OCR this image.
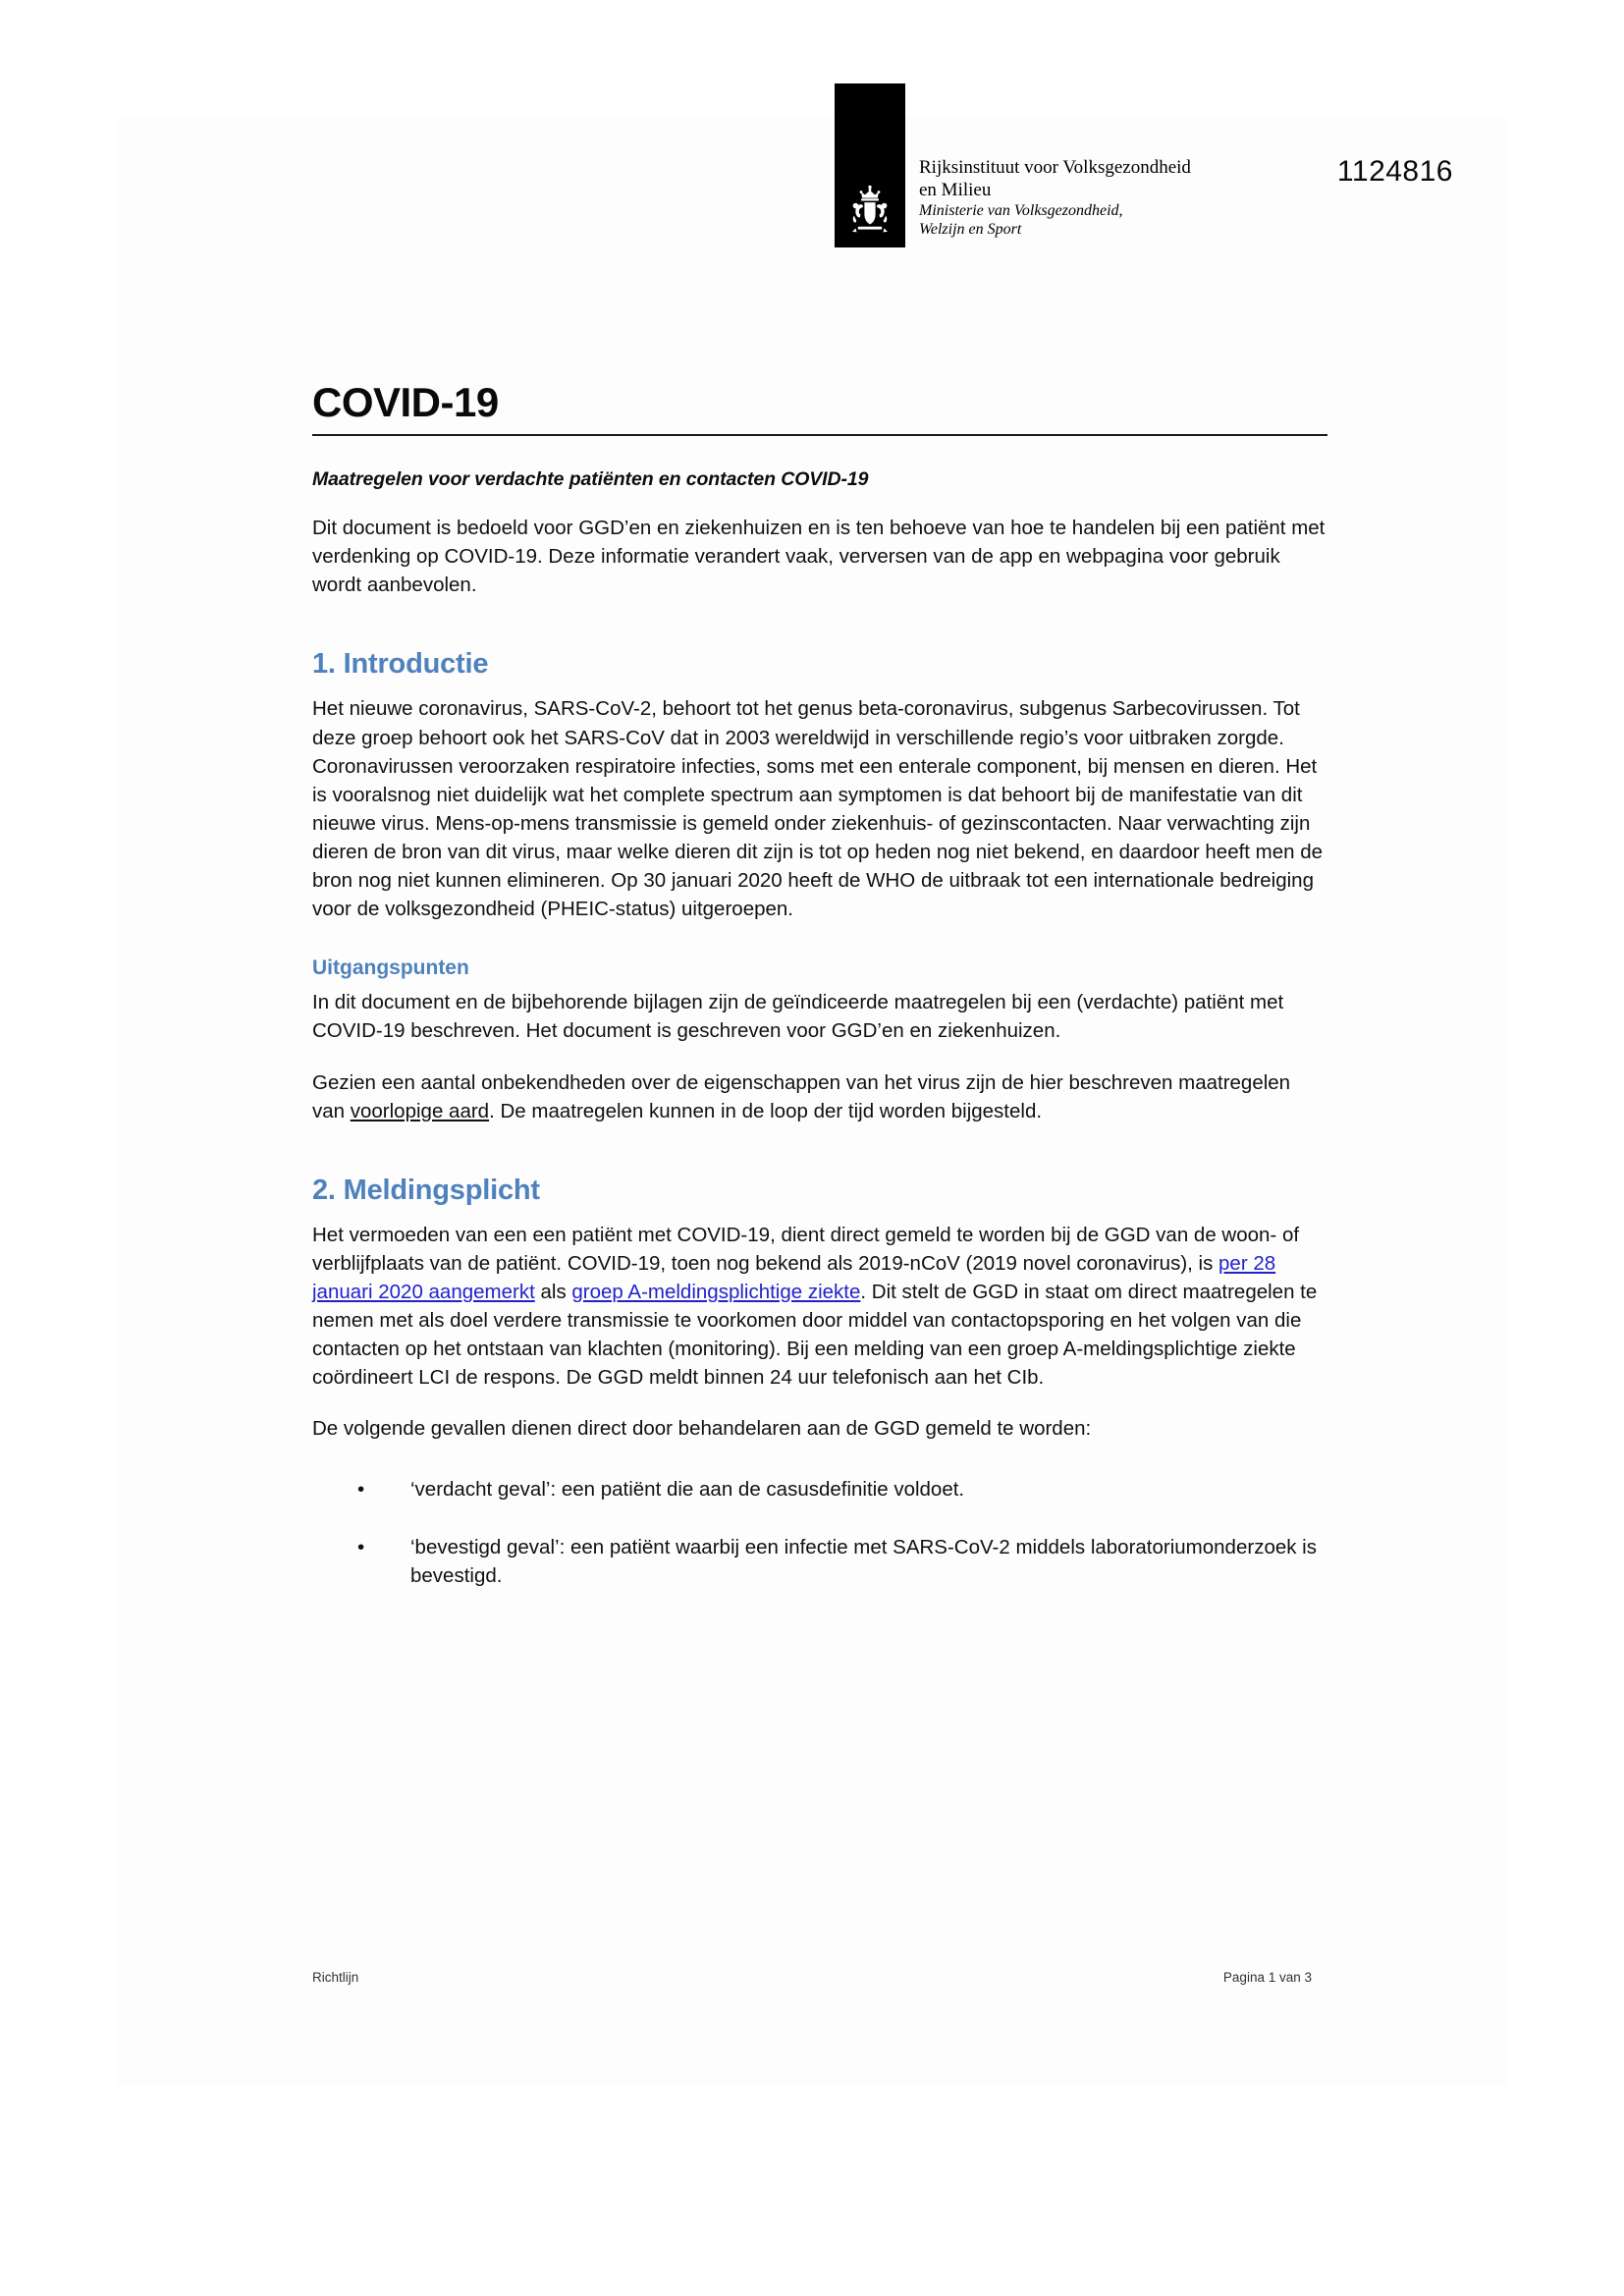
1124816
Rijksinstituut voor Volksgezondheid
en Milieu
Ministerie van Volksgezondheid,
Welzijn en Sport
COVID-19

Maatregelen voor verdachte patiënten en contacten COVID-19

Dit document is bedoeld voor GGD’en en ziekenhuizen en is ten behoeve van hoe te handelen bij een patiënt met verdenking op COVID-19. Deze informatie verandert vaak, verversen van de app en webpagina voor gebruik wordt aanbevolen.

1. Introductie

Het nieuwe coronavirus, SARS-CoV-2, behoort tot het genus beta-coronavirus, subgenus Sarbecovirussen. Tot deze groep behoort ook het SARS-CoV dat in 2003 wereldwijd in verschillende regio’s voor uitbraken zorgde. Coronavirussen veroorzaken respiratoire infecties, soms met een enterale component, bij mensen en dieren. Het is vooralsnog niet duidelijk wat het complete spectrum aan symptomen is dat behoort bij de manifestatie van dit nieuwe virus. Mens-op-mens transmissie is gemeld onder ziekenhuis- of gezinscontacten. Naar verwachting zijn dieren de bron van dit virus, maar welke dieren dit zijn is tot op heden nog niet bekend, en daardoor heeft men de bron nog niet kunnen elimineren. Op 30 januari 2020 heeft de WHO de uitbraak tot een internationale bedreiging voor de volksgezondheid (PHEIC-status) uitgeroepen.

Uitgangspunten

In dit document en de bijbehorende bijlagen zijn de geïndiceerde maatregelen bij een (verdachte) patiënt met COVID-19 beschreven. Het document is geschreven voor GGD’en en ziekenhuizen.

Gezien een aantal onbekendheden over de eigenschappen van het virus zijn de hier beschreven maatregelen van voorlopige aard. De maatregelen kunnen in de loop der tijd worden bijgesteld.

2. Meldingsplicht

Het vermoeden van een een patiënt met COVID-19, dient direct gemeld te worden bij de GGD van de woon- of verblijfplaats van de patiënt. COVID-19, toen nog bekend als 2019-nCoV (2019 novel coronavirus), is per 28 januari 2020 aangemerkt als groep A-meldingsplichtige ziekte. Dit stelt de GGD in staat om direct maatregelen te nemen met als doel verdere transmissie te voorkomen door middel van contactopsporing en het volgen van die contacten op het ontstaan van klachten (monitoring). Bij een melding van een groep A-meldingsplichtige ziekte coördineert LCI de respons. De GGD meldt binnen 24 uur telefonisch aan het CIb.

De volgende gevallen dienen direct door behandelaren aan de GGD gemeld te worden:

• ‘verdacht geval’: een patiënt die aan de casusdefinitie voldoet.
• ‘bevestigd geval’: een patiënt waarbij een infectie met SARS-CoV-2 middels laboratoriumonderzoek is bevestigd.
Richtlijn	Pagina 1 van 3
